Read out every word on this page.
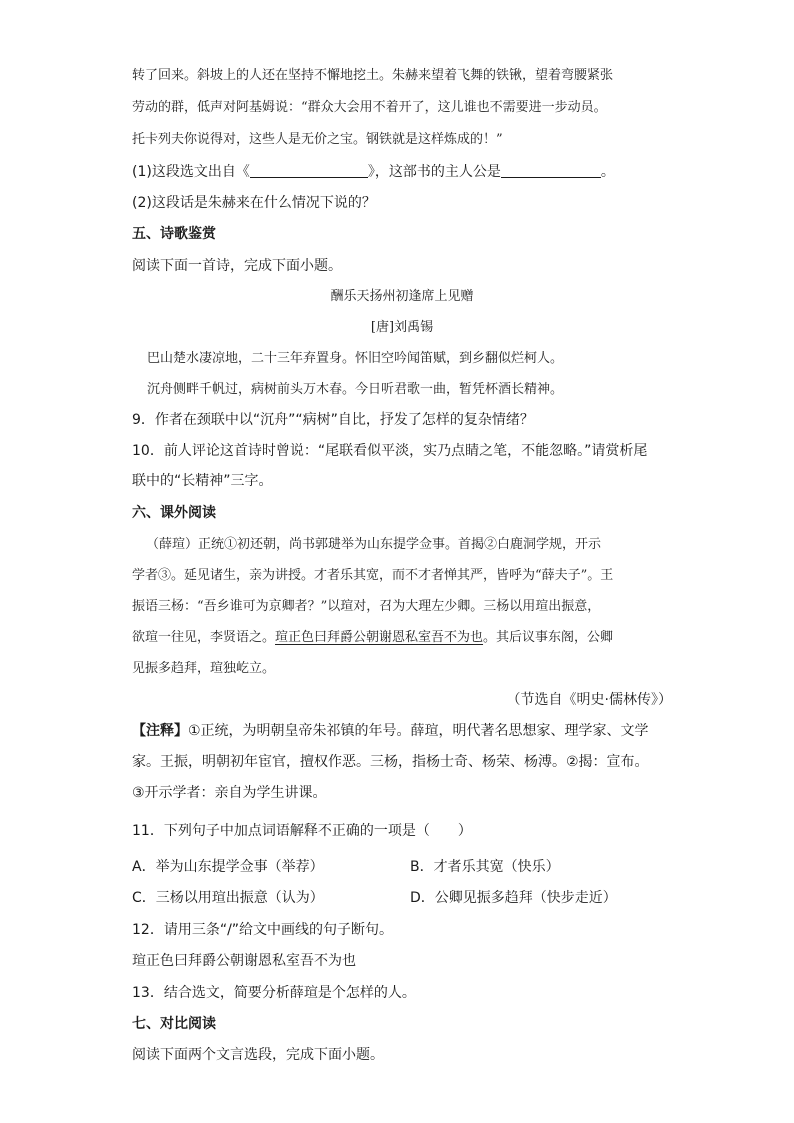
转了回来。斜坡上的人还在坚持不懈地挖土。朱赫来望着飞舞的铁锹，望着弯腰紧张
劳动的群，低声对阿基姆说：“群众大会用不着开了，这儿谁也不需要进一步动员。
托卡列夫你说得对，这些人是无价之宝。钢铁就是这样炼成的！”
(1)这段选文出自《	》，这部书的主人公是	。
(2)这段话是朱赫来在什么情况下说的？
五、诗歌鉴赏
阅读下面一首诗，完成下面小题。
酬乐天扬州初逢席上见赠
[唐]刘禹锡
巴山楚水凄凉地，二十三年弃置身。怀旧空吟闻笛赋，到乡翻似烂柯人。
沉舟侧畔千帆过，病树前头万木春。今日听君歌一曲，暂凭杯酒长精神。
9．作者在颈联中以“沉舟”“病树”自比，抒发了怎样的复杂情绪？
10．前人评论这首诗时曾说：“尾联看似平淡，实乃点睛之笔，不能忽略。”请赏析尾
联中的“长精神”三字。
六、课外阅读
（薛瑄）正统①初还朝，尚书郭琎举为山东提学佥事。首揭②白鹿洞学规，开示
学者③。延见诸生，亲为讲授。才者乐其宽，而不才者惮其严，皆呼为“薛夫子”。王
振语三杨：“吾乡谁可为京卿者？”以瑄对，召为大理左少卿。三杨以用瑄出振意，
欲瑄一往见，李贤语之。瑄正色曰拜爵公朝谢恩私室吾不为也。其后议事东阁，公卿
见振多趋拜，瑄独屹立。
（节选自《明史·儒林传》）
【注释】①正统，为明朝皇帝朱祁镇的年号。薛瑄，明代著名思想家、理学家、文学
家。王振，明朝初年宦官，擅权作恶。三杨，指杨士奇、杨荣、杨溥。②揭：宣布。
③开示学者：亲自为学生讲课。
11．下列句子中加点词语解释不正确的一项是（　　）
A．举为山东提学佥事（举荐）	B．才者乐其宽（快乐）
C．三杨以用瑄出振意（认为）	D．公卿见振多趋拜（快步走近）
12．请用三条“/”给文中画线的句子断句。
瑄正色曰拜爵公朝谢恩私室吾不为也
13．结合选文，简要分析薛瑄是个怎样的人。
七、对比阅读
阅读下面两个文言选段，完成下面小题。
